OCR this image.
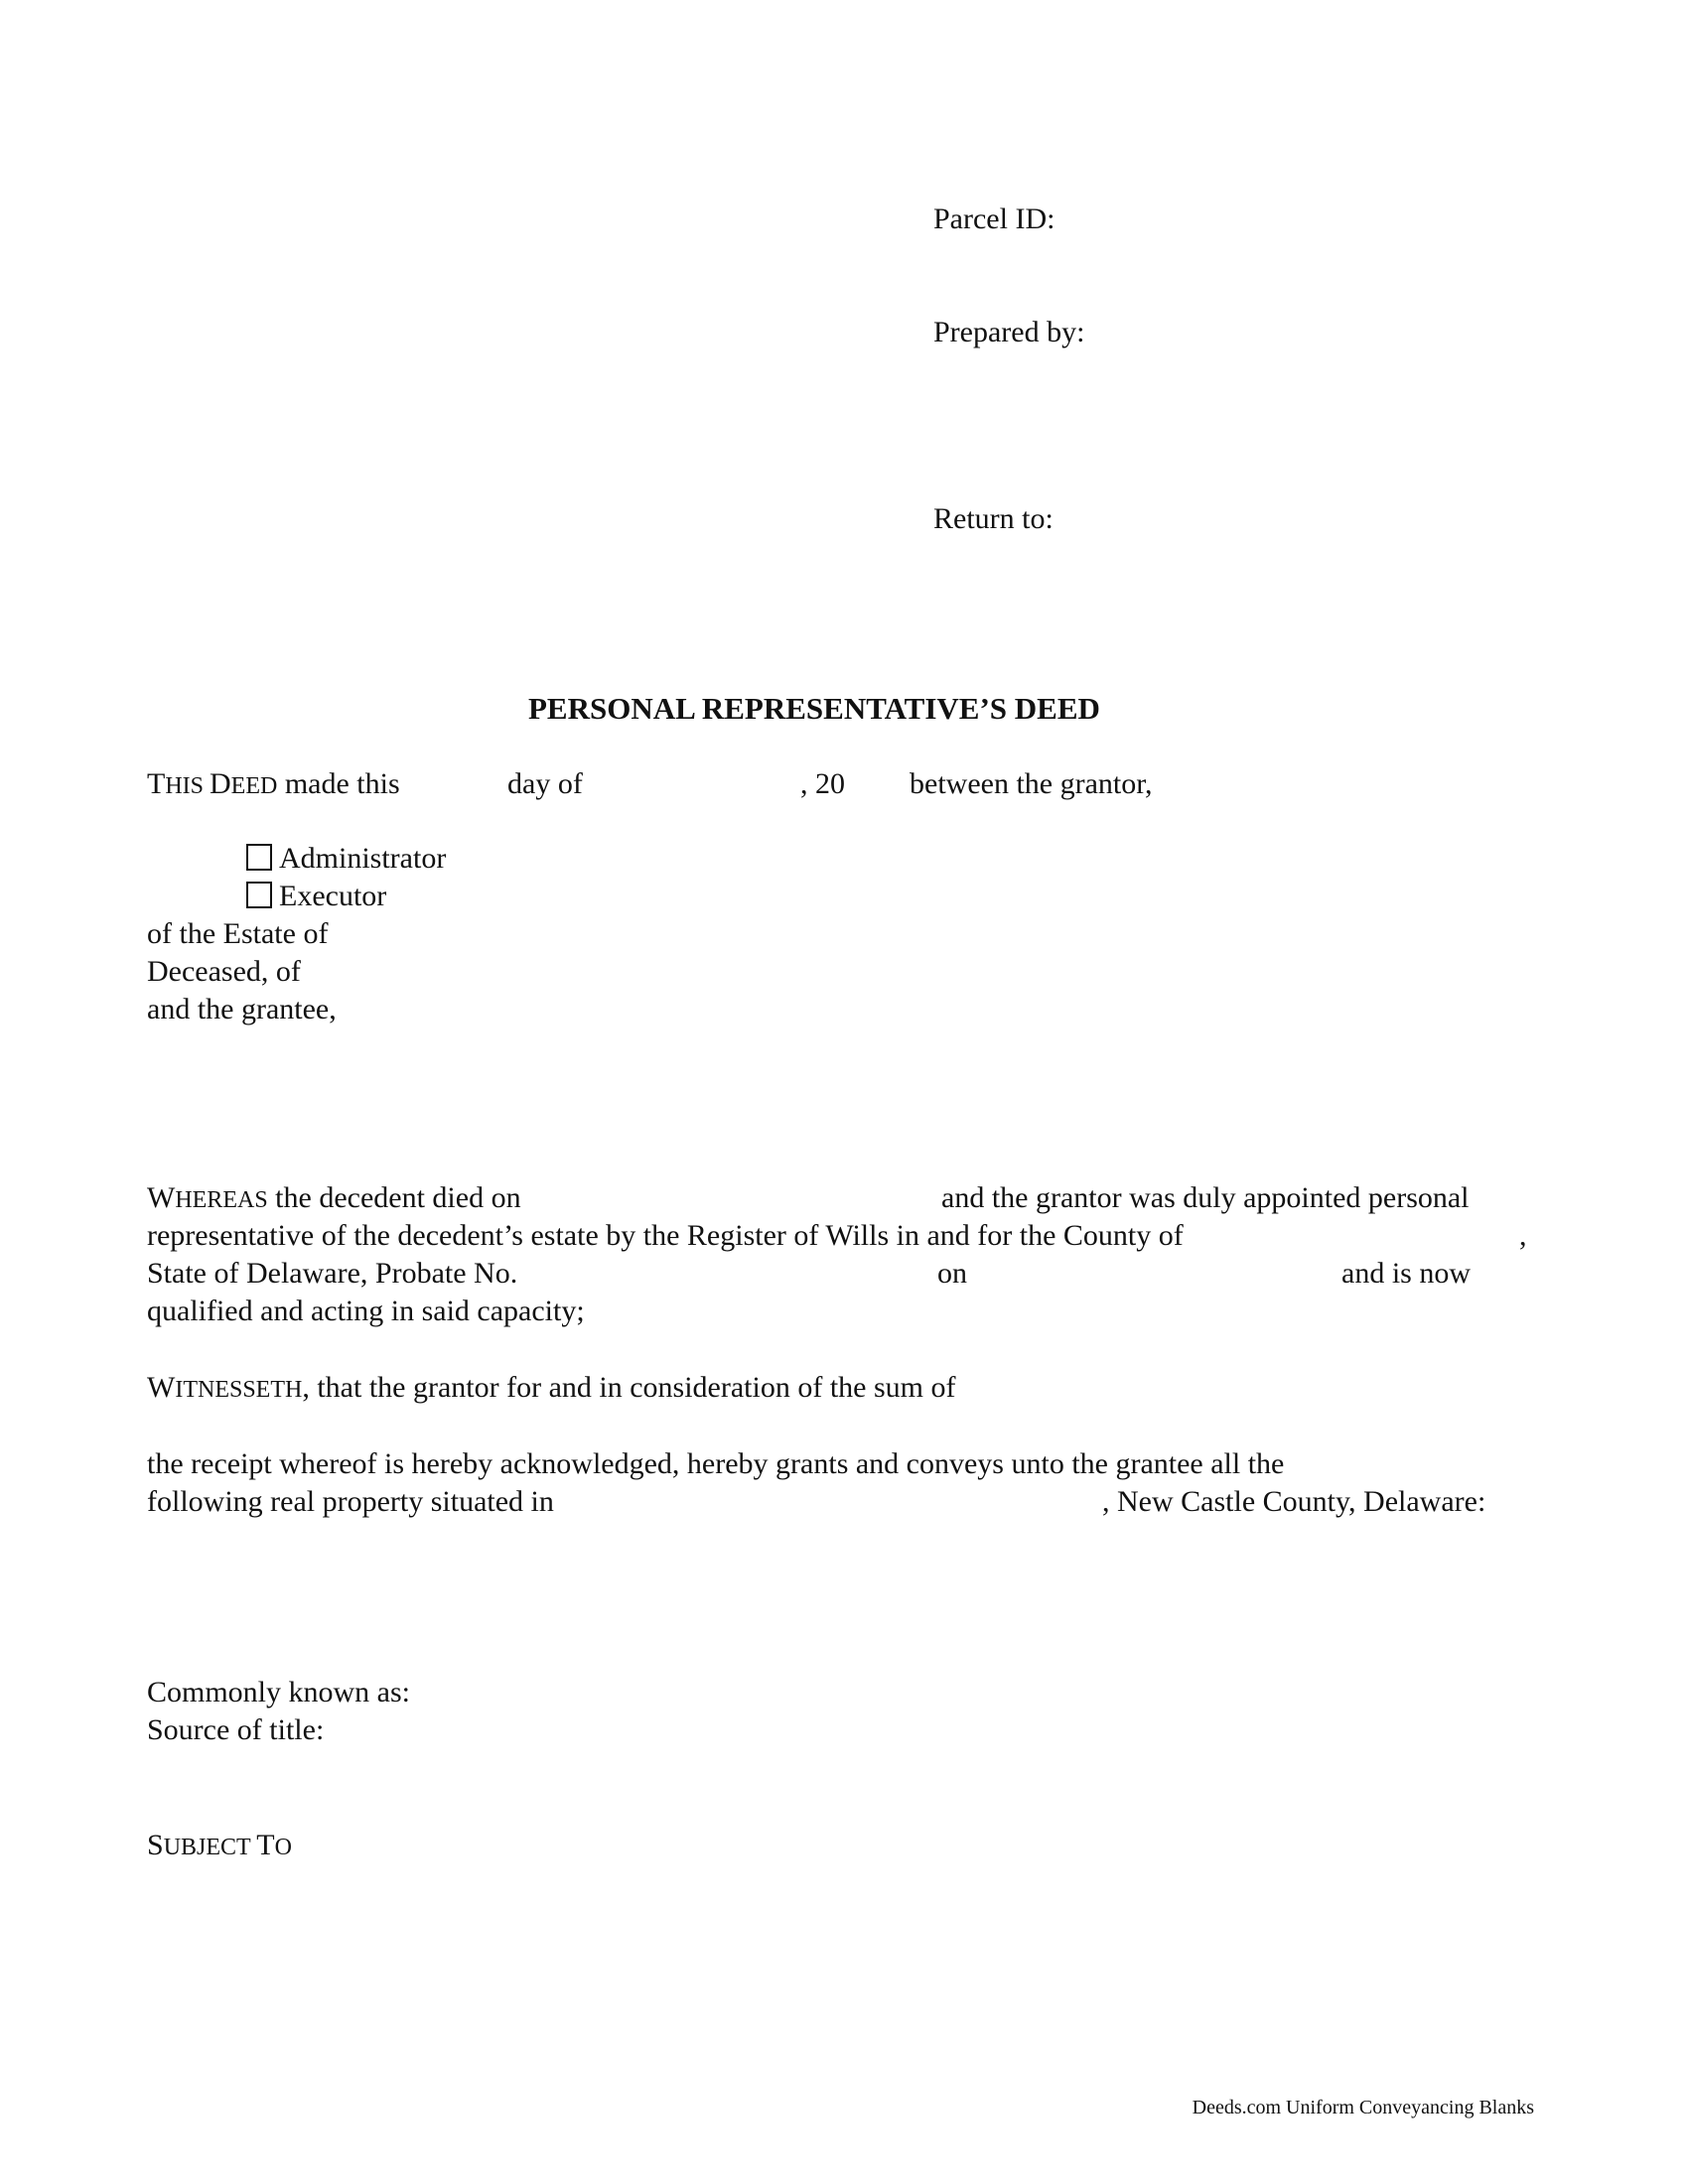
Parcel ID:
Prepared by:
Return to:
PERSONAL REPRESENTATIVE’S DEED
THIS DEED made this	day of	, 20 between the grantor,
Administrator
Executor
of the Estate of
Deceased, of
and the grantee,
WHEREAS the decedent died on	and the grantor was duly appointed personal
representative of the decedent’s estate by the Register of Wills in and for the County of	,
State of Delaware, Probate No.	on	and is now
qualified and acting in said capacity;
WITNESSETH, that the grantor for and in consideration of the sum of
the receipt whereof is hereby acknowledged, hereby grants and conveys unto the grantee all the
following real property situated in	, New Castle County, Delaware:
Commonly known as:
Source of title:
SUBJECT TO
Deeds.com Uniform Conveyancing Blanks
